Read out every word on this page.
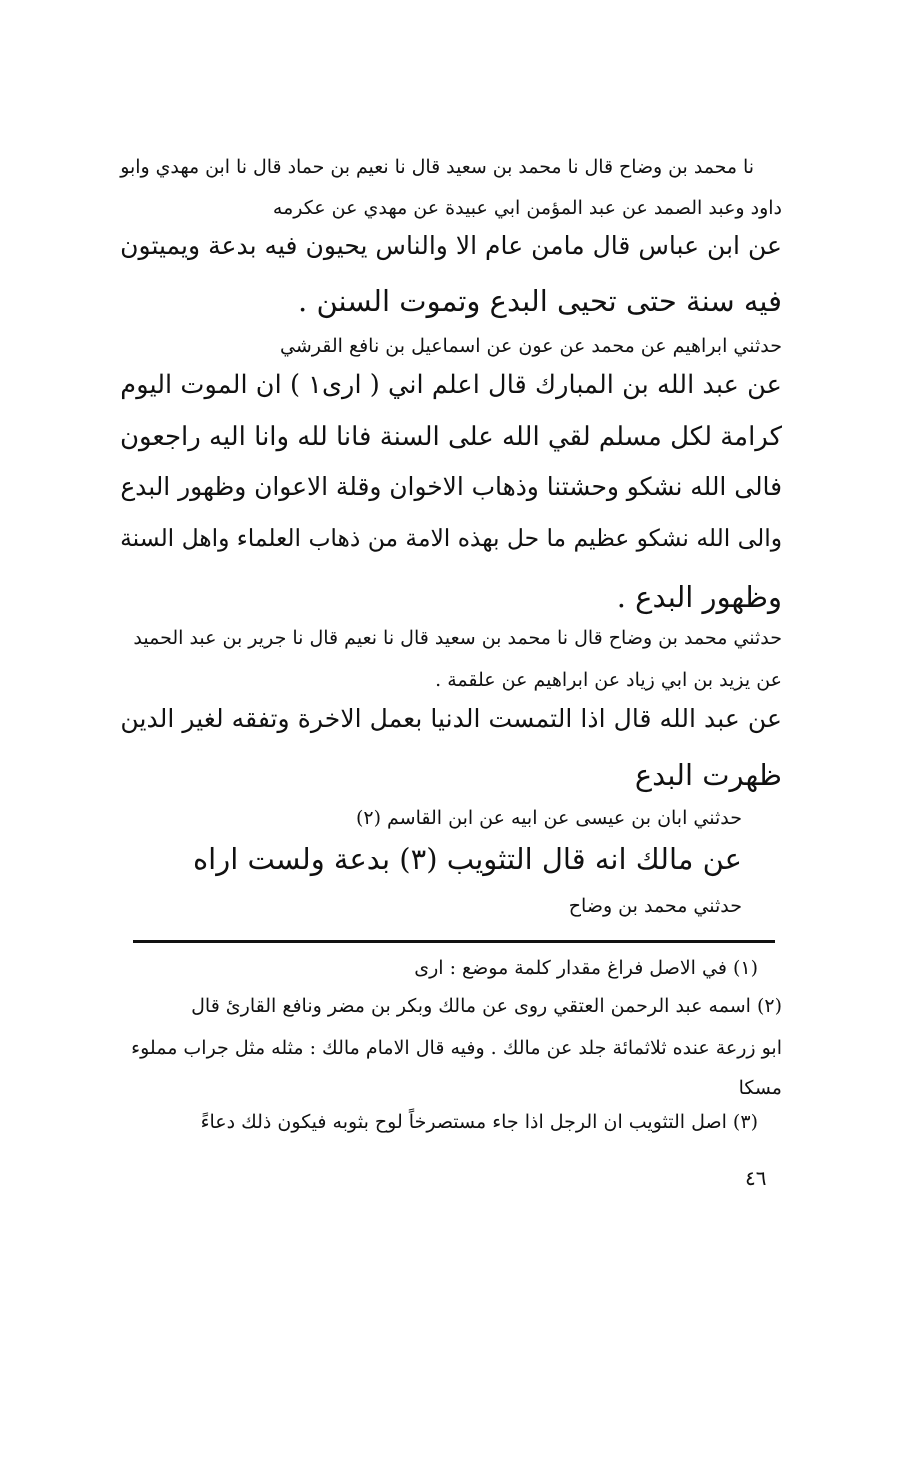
نا محمد بن وضاح قال نا محمد بن سعيد قال نا نعيم بن حماد قال نا ابن مهدي وابو

داود وعبد الصمد عن عبد المؤمن ابي عبيدة عن مهدي عن عكرمه

عن ابن عباس قال مامن عام الا والناس يحيون فيه بدعة ويميتون

فيه سنة حتى تحيى البدع وتموت السنن .

حدثني ابراهيم عن محمد عن عون عن اسماعيل بن نافع القرشي

عن عبد الله بن المبارك قال اعلم اني ( ارى١ ) ان الموت اليوم

كرامة لكل مسلم لقي الله على السنة فانا لله وانا اليه راجعون

فالى الله نشكو وحشتنا وذهاب الاخوان وقلة الاعوان وظهور البدع

والى الله نشكو عظيم ما حل بهذه الامة من ذهاب العلماء واهل السنة

وظهور البدع .

حدثني محمد بن وضاح قال نا محمد بن سعيد قال نا نعيم قال نا جرير بن عبد الحميد

عن يزيد بن ابي زياد عن ابراهيم عن علقمة .

عن عبد الله قال اذا التمست الدنيا بعمل الاخرة وتفقه لغير الدين

ظهرت البدع

حدثني ابان بن عيسى عن ابيه عن ابن القاسم (٢)

عن مالك انه قال التثويب (٣) بدعة ولست اراه

حدثني محمد بن وضاح

(١) في الاصل فراغ مقدار كلمة موضع : ارى

(٢) اسمه عبد الرحمن العتقي روى عن مالك وبكر بن مضر ونافع القارئ قال

ابو زرعة عنده ثلاثمائة جلد عن مالك . وفيه قال الامام مالك : مثله مثل جراب مملوء

مسكا

(٣) اصل التثويب ان الرجل اذا جاء مستصرخاً لوح بثوبه فيكون ذلك دعاءً

٤٦
